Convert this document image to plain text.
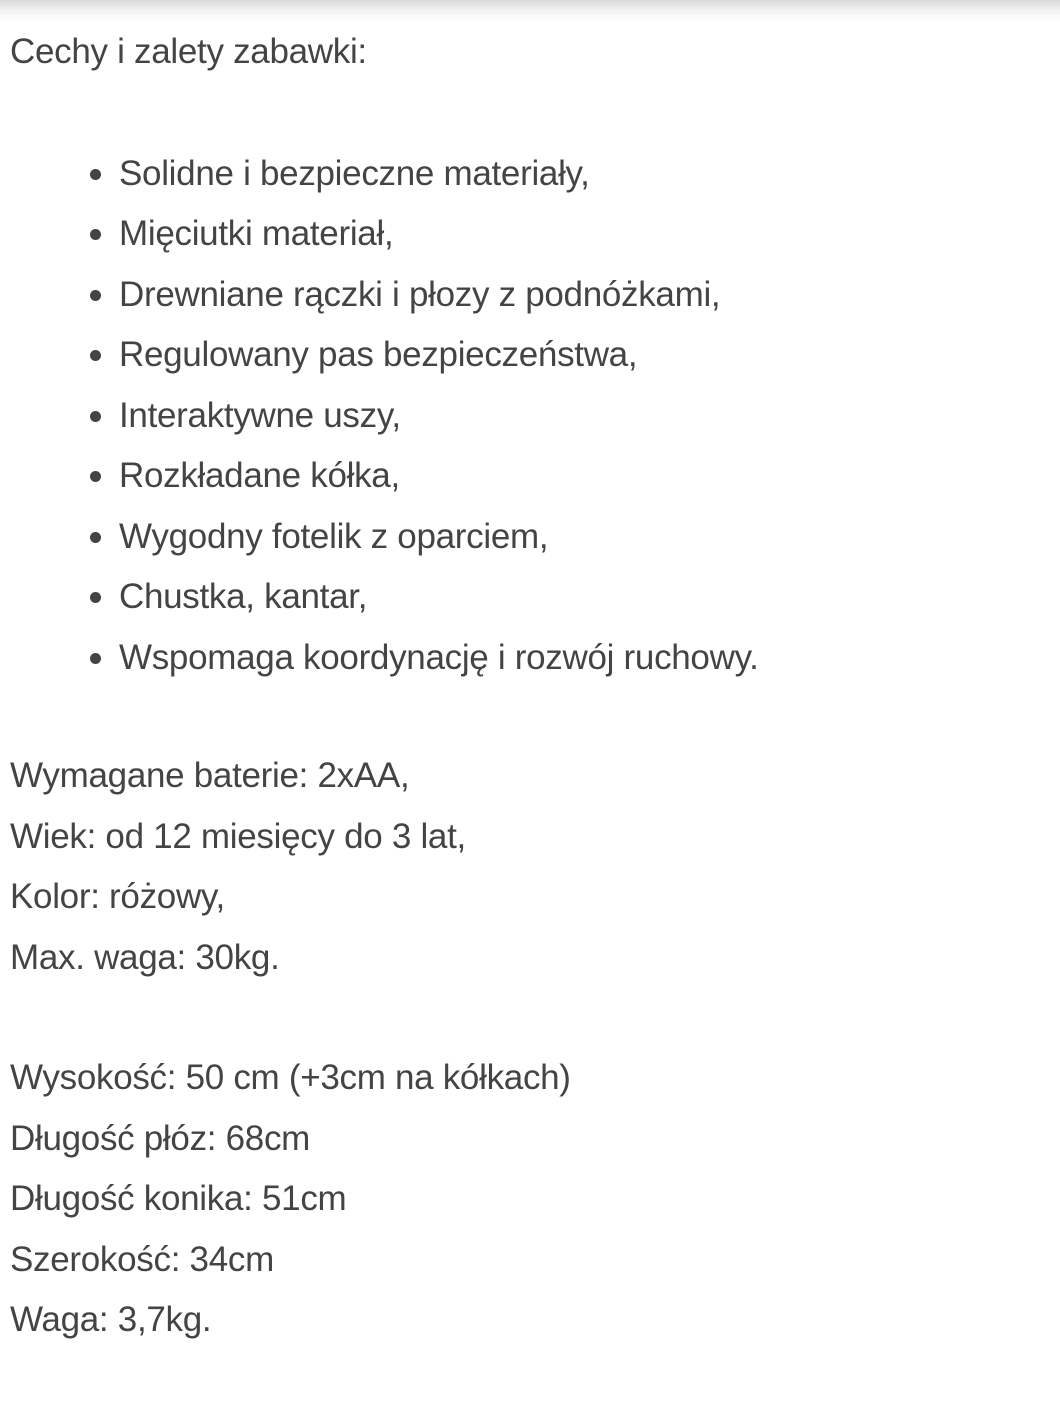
Cechy i zalety zabawki:

Solidne i bezpieczne materiały,
Mięciutki materiał,
Drewniane rączki i płozy z podnóżkami,
Regulowany pas bezpieczeństwa,
Interaktywne uszy,
Rozkładane kółka,
Wygodny fotelik z oparciem,
Chustka, kantar,
Wspomaga koordynację i rozwój ruchowy.
Wymagane baterie: 2xAA,
Wiek: od 12 miesięcy do 3 lat,
Kolor: różowy,
Max. waga: 30kg.
Wysokość: 50 cm (+3cm na kółkach)
Długość płóz: 68cm
Długość konika: 51cm
Szerokość: 34cm
Waga: 3,7kg.
